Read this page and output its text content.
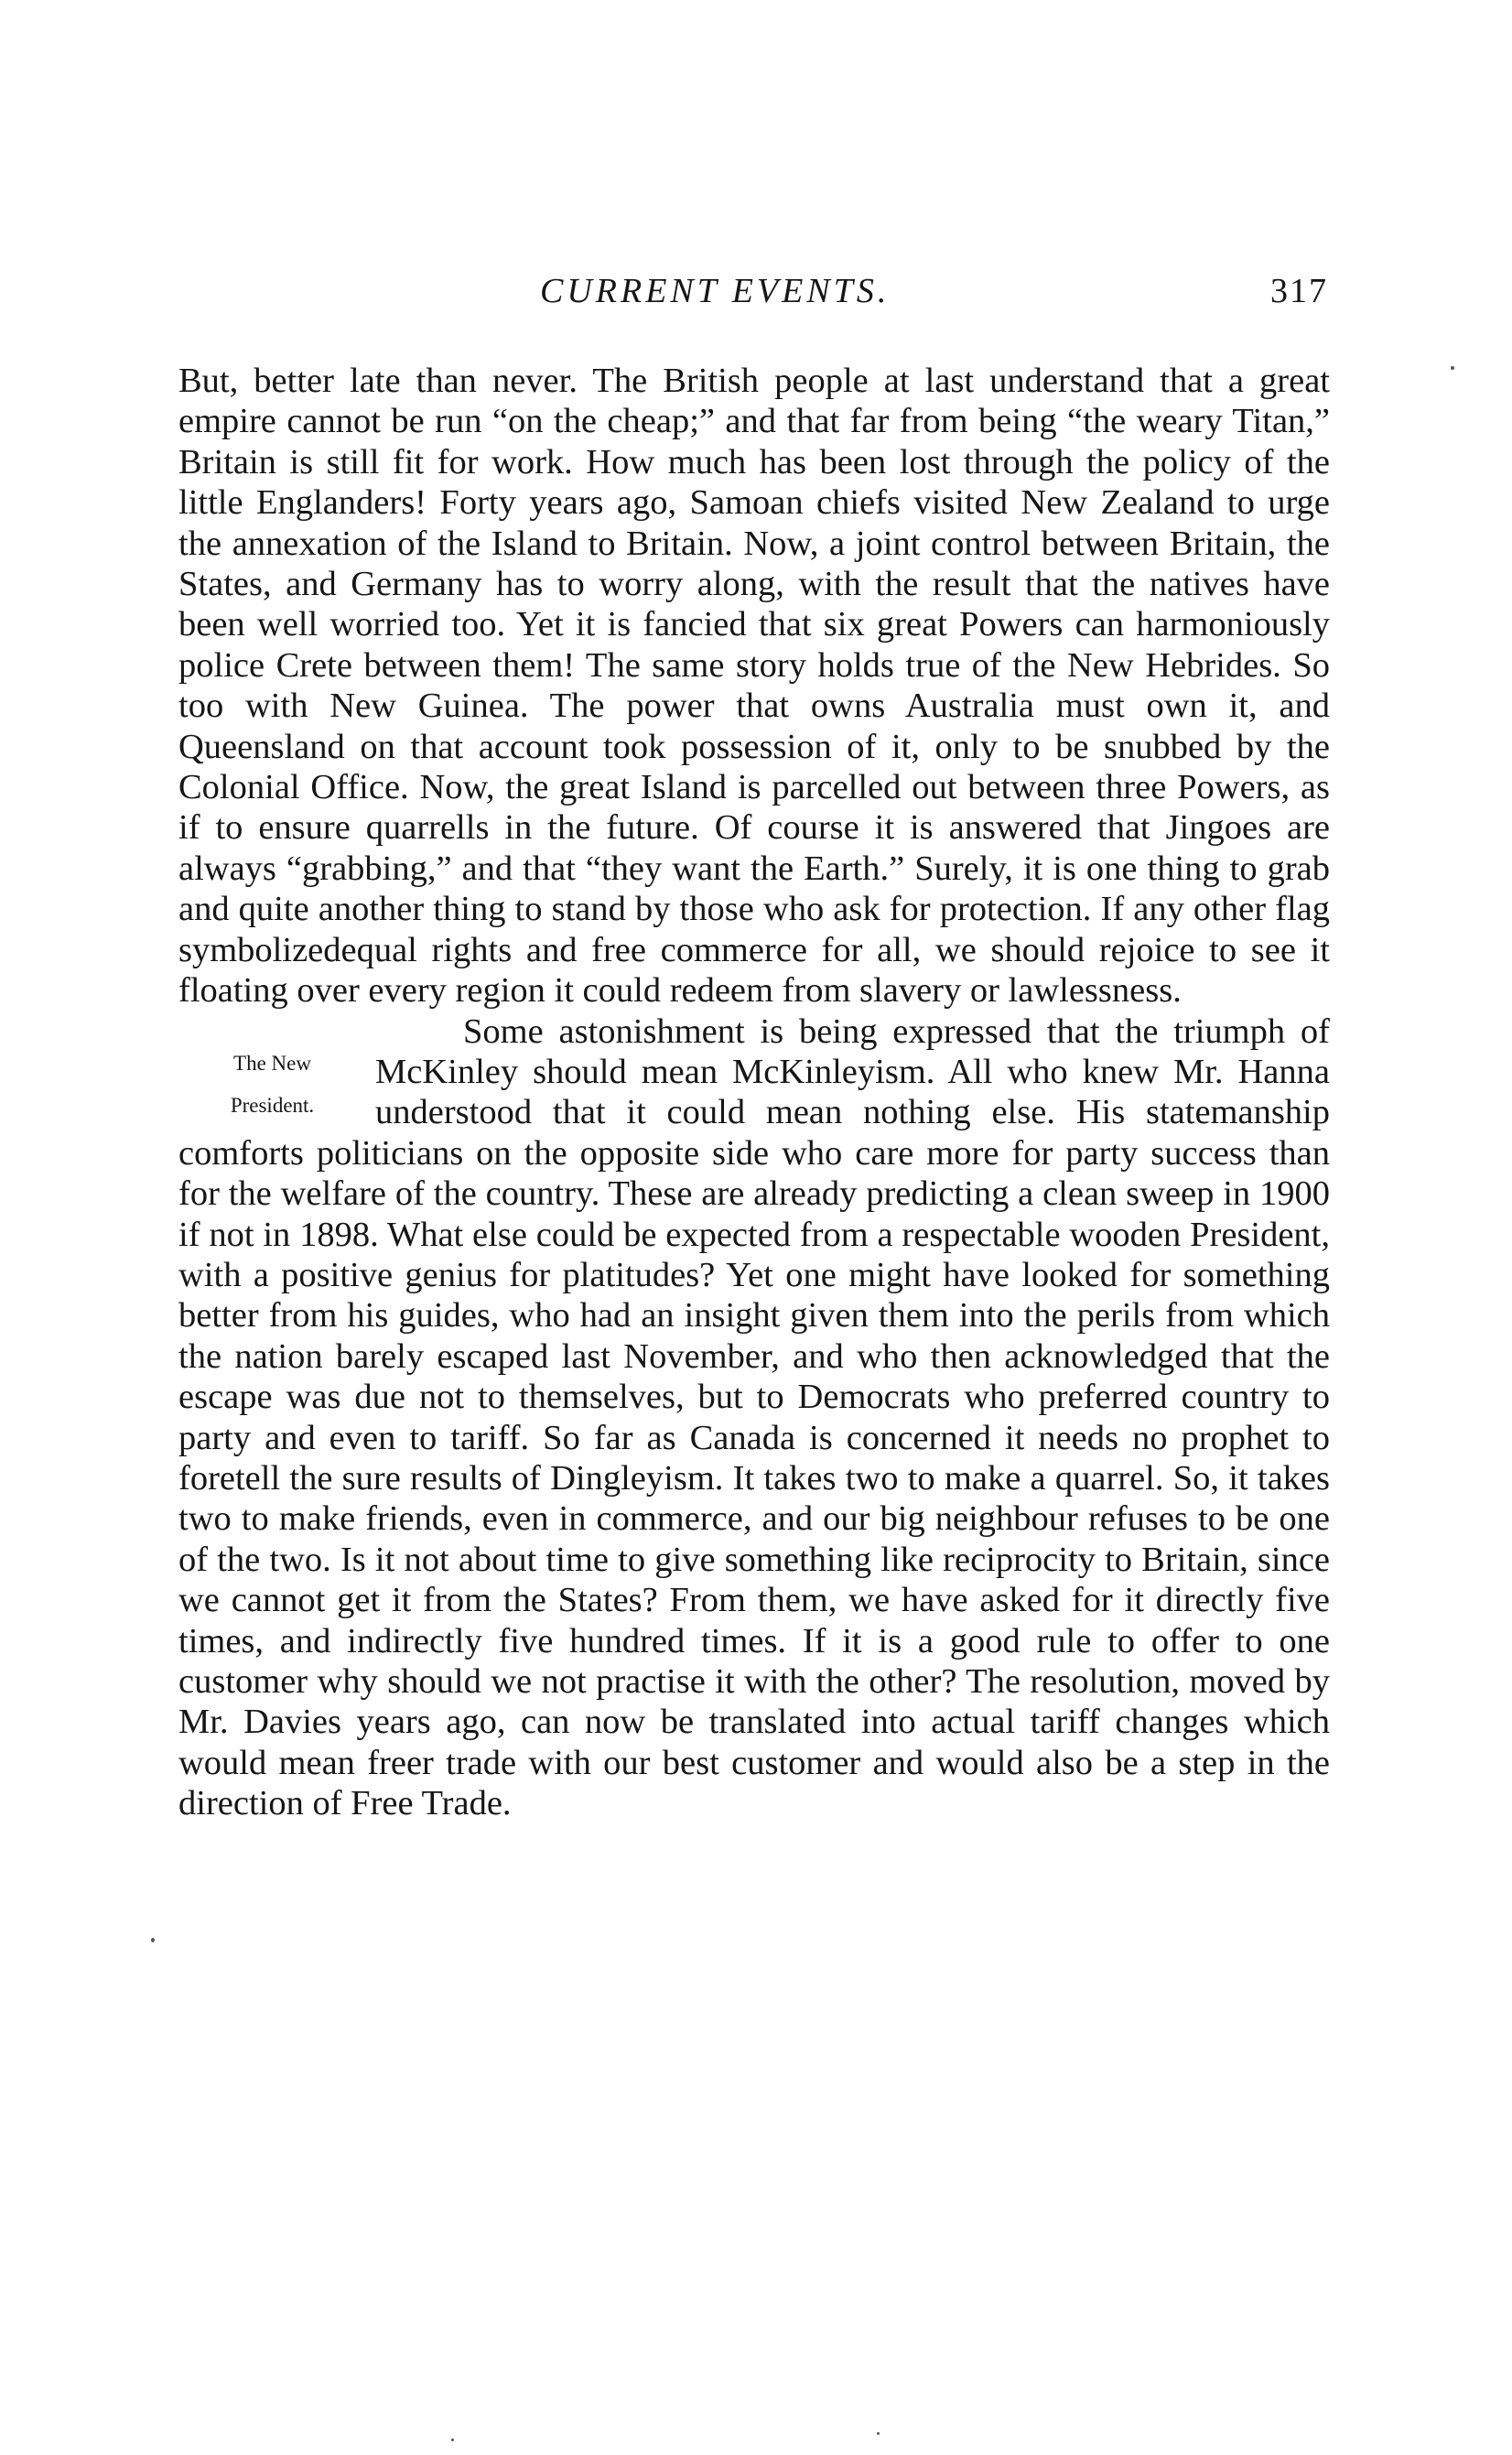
CURRENT EVENTS.	317

But, better late than never. The British people at last understand that a great empire cannot be run “on the cheap;” and that far from being “the weary Titan,” Britain is still fit for work. How much has been lost through the policy of the little Englanders! Forty years ago, Samoan chiefs visited New Zealand to urge the annexation of the Island to Britain. Now, a joint control between Britain, the States, and Germany has to worry along, with the result that the natives have been well worried too. Yet it is fancied that six great Powers can harmoniously police Crete between them! The same story holds true of the New Hebrides. So too with New Guinea. The power that owns Australia must own it, and Queensland on that account took possession of it, only to be snubbed by the Colonial Office. Now, the great Island is parcelled out between three Powers, as if to ensure quarrells in the future. Of course it is answered that Jingoes are always “grabbing,” and that “they want the Earth.” Surely, it is one thing to grab and quite another thing to stand by those who ask for protection. If any other flag symbolizedequal rights and free commerce for all, we should rejoice to see it floating over every region it could redeem from slavery or lawlessness.

The New
President.
Some astonishment is being expressed that the triumph of McKinley should mean McKinleyism. All who knew Mr. Hanna understood that it could mean nothing else. His statemanship comforts politicians on the opposite side who care more for party success than for the welfare of the country. These are already predicting a clean sweep in 1900 if not in 1898. What else could be expected from a respectable wooden President, with a positive genius for platitudes? Yet one might have looked for something better from his guides, who had an insight given them into the perils from which the nation barely escaped last November, and who then acknowledged that the escape was due not to themselves, but to Democrats who preferred country to party and even to tariff. So far as Canada is concerned it needs no prophet to foretell the sure results of Dingleyism. It takes two to make a quarrel. So, it takes two to make friends, even in commerce, and our big neighbour refuses to be one of the two. Is it not about time to give something like reciprocity to Britain, since we cannot get it from the States? From them, we have asked for it directly five times, and indirectly five hundred times. If it is a good rule to offer to one customer why should we not practise it with the other? The resolution, moved by Mr. Davies years ago, can now be translated into actual tariff changes which would mean freer trade with our best customer and would also be a step in the direction of Free Trade.
